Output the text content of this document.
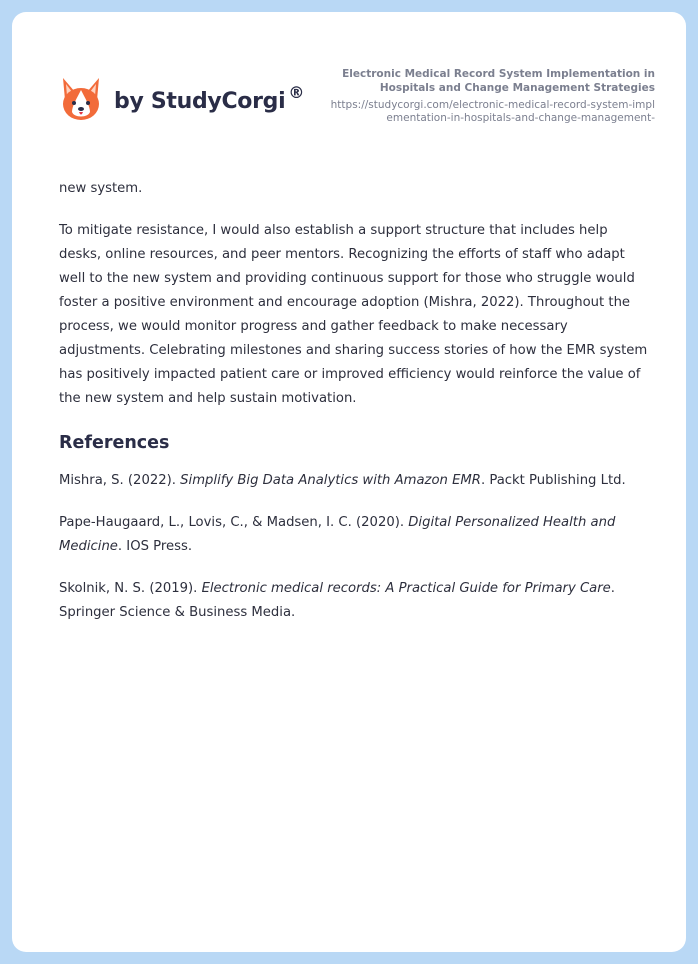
by StudyCorgi ®
Electronic Medical Record System Implementation in Hospitals and Change Management Strategies
https://studycorgi.com/electronic-medical-record-system-implementation-in-hospitals-and-change-management-

new system.

To mitigate resistance, I would also establish a support structure that includes help desks, online resources, and peer mentors. Recognizing the efforts of staff who adapt well to the new system and providing continuous support for those who struggle would foster a positive environment and encourage adoption (Mishra, 2022). Throughout the process, we would monitor progress and gather feedback to make necessary adjustments. Celebrating milestones and sharing success stories of how the EMR system has positively impacted patient care or improved efficiency would reinforce the value of the new system and help sustain motivation.

References
Mishra, S. (2022). Simplify Big Data Analytics with Amazon EMR. Packt Publishing Ltd.
Pape-Haugaard, L., Lovis, C., & Madsen, I. C. (2020). Digital Personalized Health and Medicine. IOS Press.
Skolnik, N. S. (2019). Electronic medical records: A Practical Guide for Primary Care. Springer Science & Business Media.
